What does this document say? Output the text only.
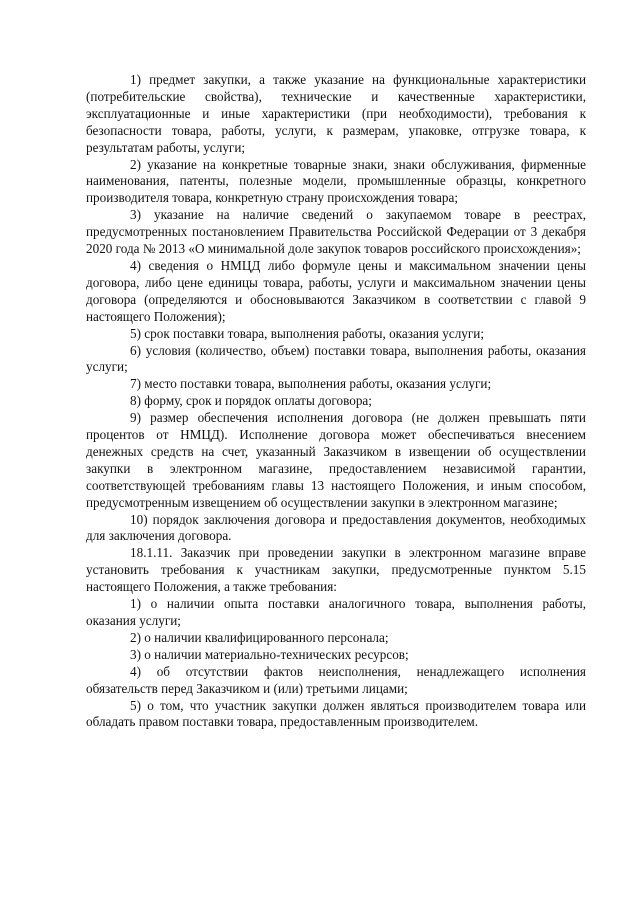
1) предмет закупки, а также указание на функциональные характеристики (потребительские свойства), технические и качественные характеристики, эксплуатационные и иные характеристики (при необходимости), требования к безопасности товара, работы, услуги, к размерам, упаковке, отгрузке товара, к результатам работы, услуги;

2) указание на конкретные товарные знаки, знаки обслуживания, фирменные наименования, патенты, полезные модели, промышленные образцы, конкретного производителя товара, конкретную страну происхождения товара;

3) указание на наличие сведений о закупаемом товаре в реестрах, предусмотренных постановлением Правительства Российской Федерации от 3 декабря 2020 года № 2013 «О минимальной доле закупок товаров российского происхождения»;

4) сведения о НМЦД либо формуле цены и максимальном значении цены договора, либо цене единицы товара, работы, услуги и максимальном значении цены договора (определяются и обосновываются Заказчиком в соответствии с главой 9 настоящего Положения);

5) срок поставки товара, выполнения работы, оказания услуги;

6) условия (количество, объем) поставки товара, выполнения работы, оказания услуги;

7) место поставки товара, выполнения работы, оказания услуги;

8) форму, срок и порядок оплаты договора;

9) размер обеспечения исполнения договора (не должен превышать пяти процентов от НМЦД). Исполнение договора может обеспечиваться внесением денежных средств на счет, указанный Заказчиком в извещении об осуществлении закупки в электронном магазине, предоставлением независимой гарантии, соответствующей требованиям главы 13 настоящего Положения, и иным способом, предусмотренным извещением об осуществлении закупки в электронном магазине;

10) порядок заключения договора и предоставления документов, необходимых для заключения договора.

18.1.11. Заказчик при проведении закупки в электронном магазине вправе установить требования к участникам закупки, предусмотренные пунктом 5.15 настоящего Положения, а также требования:

1) о наличии опыта поставки аналогичного товара, выполнения работы, оказания услуги;

2) о наличии квалифицированного персонала;

3) о наличии материально-технических ресурсов;

4) об отсутствии фактов неисполнения, ненадлежащего исполнения обязательств перед Заказчиком и (или) третьими лицами;

5) о том, что участник закупки должен являться производителем товара или обладать правом поставки товара, предоставленным производителем.
